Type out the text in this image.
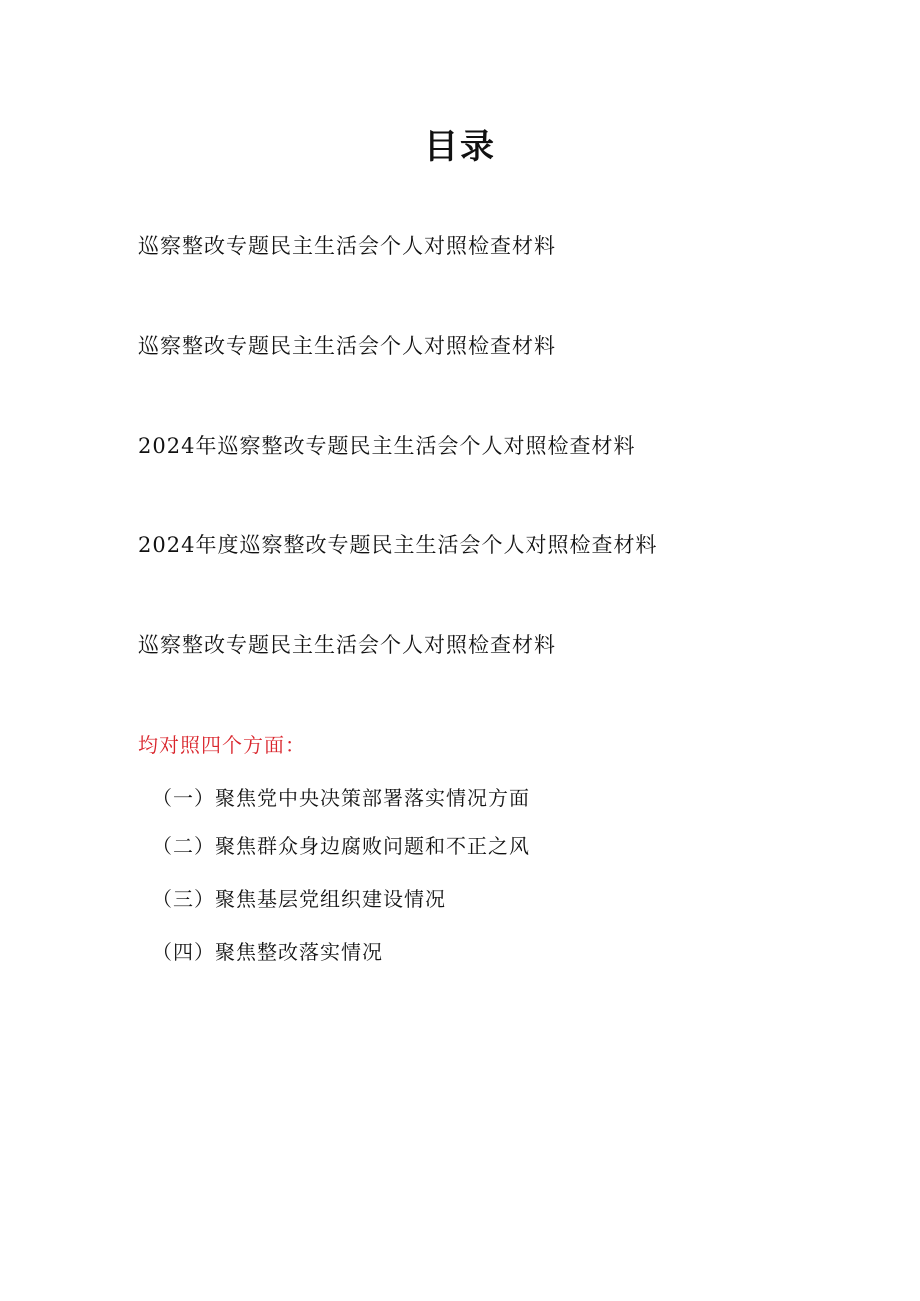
目录
巡察整改专题民主生活会个人对照检查材料
巡察整改专题民主生活会个人对照检查材料
2024年巡察整改专题民主生活会个人对照检查材料
2024年度巡察整改专题民主生活会个人对照检查材料
巡察整改专题民主生活会个人对照检查材料
均对照四个方面：
（一）聚焦党中央决策部署落实情况方面
（二）聚焦群众身边腐败问题和不正之风
（三）聚焦基层党组织建设情况
（四）聚焦整改落实情况
